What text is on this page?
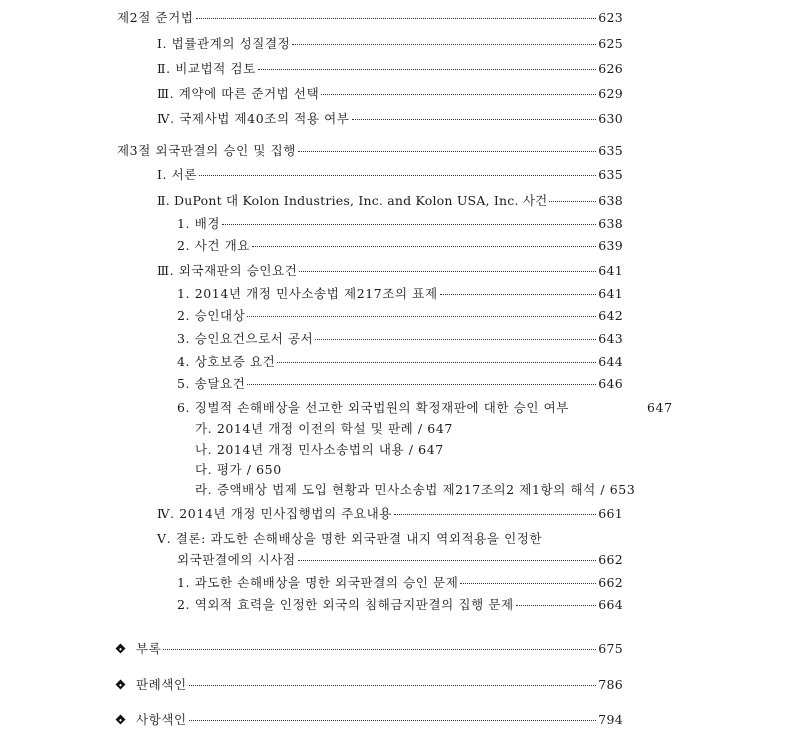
제2절 준거법	623
Ⅰ. 법률관계의 성질결정	625
Ⅱ. 비교법적 검토	626
Ⅲ. 계약에 따른 준거법 선택	629
Ⅳ. 국제사법 제40조의 적용 여부	630
제3절 외국판결의 승인 및 집행	635
Ⅰ. 서론	635
Ⅱ. DuPont 대 Kolon Industries, Inc. and Kolon USA, Inc. 사건	638
1. 배경	638
2. 사건 개요	639
Ⅲ. 외국재판의 승인요건	641
1. 2014년 개정 민사소송법 제217조의 표제	641
2. 승인대상	642
3. 승인요건으로서 공서	643
4. 상호보증 요건	644
5. 송달요건	646
6. 징벌적 손해배상을 선고한 외국법원의 확정재판에 대한 승인 여부	647
가. 2014년 개정 이전의 학설 및 판례 / 647
나. 2014년 개정 민사소송법의 내용 / 647
다. 평가 / 650
라. 증액배상 법제 도입 현황과 민사소송법 제217조의2 제1항의 해석 / 653
Ⅳ. 2014년 개정 민사집행법의 주요내용	661
Ⅴ. 결론: 과도한 손해배상을 명한 외국판결 내지 역외적용을 인정한
외국판결에의 시사점	662
1. 과도한 손해배상을 명한 외국판결의 승인 문제	662
2. 역외적 효력을 인정한 외국의 침해금지판결의 집행 문제	664
부록	675
판례색인	786
사항색인	794
